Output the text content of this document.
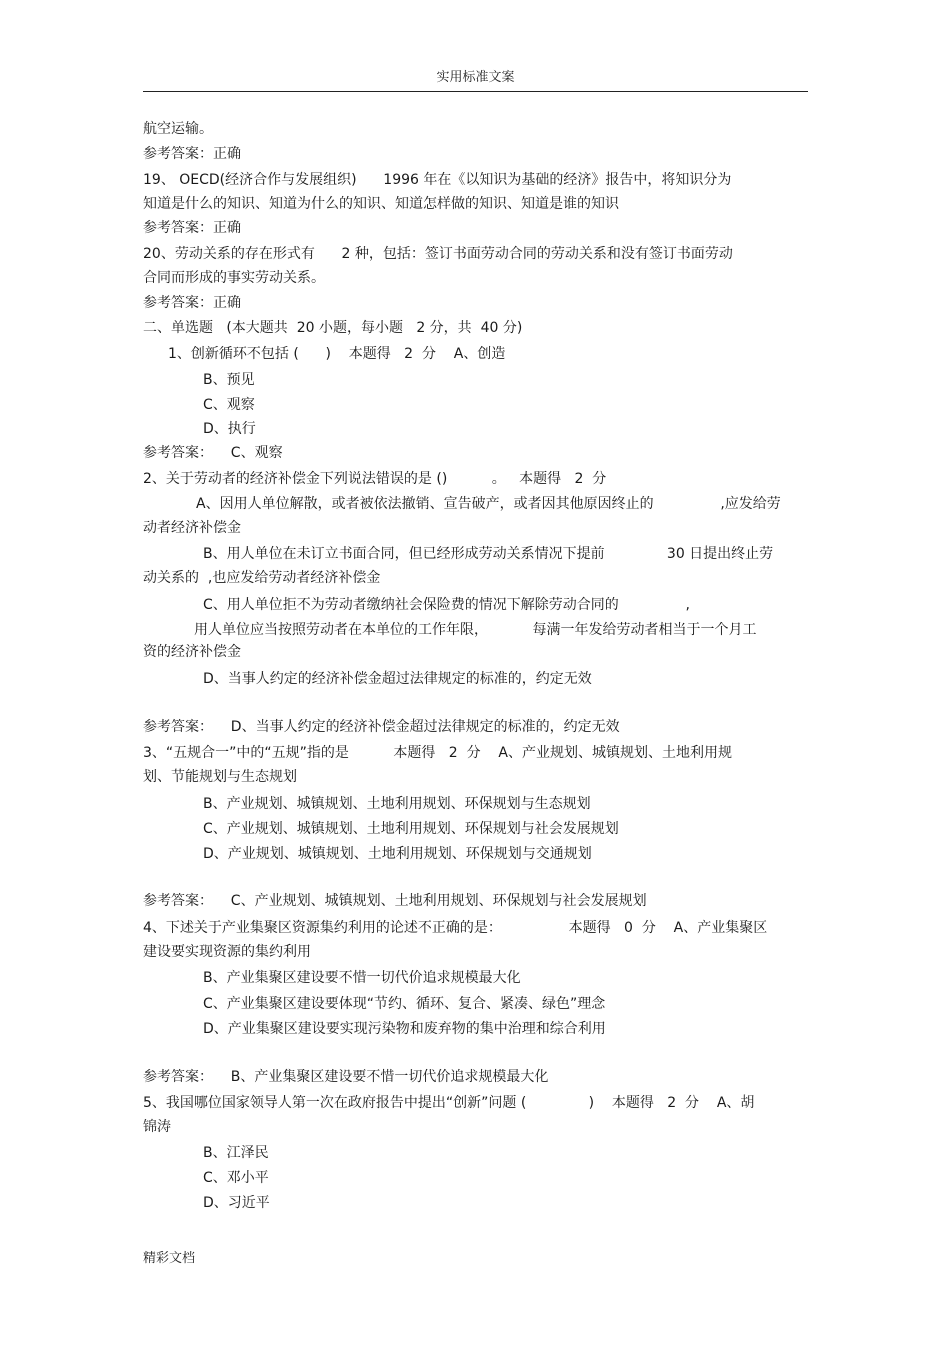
实用标准文案
航空运输。
参考答案：正确
19、 OECD(经济合作与发展组织)      1996 年在《以知识为基础的经济》报告中，将知识分为
知道是什么的知识、知道为什么的知识、知道怎样做的知识、知道是谁的知识
参考答案：正确
20、劳动关系的存在形式有      2 种，包括：签订书面劳动合同的劳动关系和没有签订书面劳动
合同而形成的事实劳动关系。
参考答案：正确
二、单选题   (本大题共  20 小题，每小题   2 分，共  40 分)
1、创新循环不包括 (      )    本题得   2  分    A、创造
B、预见
C、观察
D、执行
参考答案：    C、观察
2、关于劳动者的经济补偿金下列说法错误的是 ()          。   本题得   2  分
A、因用人单位解散，或者被依法撤销、宣告破产，或者因其他原因终止的               ,应发给劳
动者经济补偿金
B、用人单位在未订立书面合同，但已经形成劳动关系情况下提前              30 日提出终止劳
动关系的  ,也应发给劳动者经济补偿金
C、用人单位拒不为劳动者缴纳社会保险费的情况下解除劳动合同的               ,
用人单位应当按照劳动者在本单位的工作年限，          每满一年发给劳动者相当于一个月工
资的经济补偿金
D、当事人约定的经济补偿金超过法律规定的标准的，约定无效
参考答案：    D、当事人约定的经济补偿金超过法律规定的标准的，约定无效
3、“五规合一”中的“五规”指的是          本题得   2  分    A、产业规划、城镇规划、土地利用规
划、节能规划与生态规划
B、产业规划、城镇规划、土地利用规划、环保规划与生态规划
C、产业规划、城镇规划、土地利用规划、环保规划与社会发展规划
D、产业规划、城镇规划、土地利用规划、环保规划与交通规划
参考答案：    C、产业规划、城镇规划、土地利用规划、环保规划与社会发展规划
4、下述关于产业集聚区资源集约利用的论述不正确的是：               本题得   0  分    A、产业集聚区
建设要实现资源的集约利用
B、产业集聚区建设要不惜一切代价追求规模最大化
C、产业集聚区建设要体现“节约、循环、复合、紧凑、绿色”理念
D、产业集聚区建设要实现污染物和废弃物的集中治理和综合利用
参考答案：    B、产业集聚区建设要不惜一切代价追求规模最大化
5、我国哪位国家领导人第一次在政府报告中提出“创新”问题 (              )    本题得   2  分    A、胡
锦涛
B、江泽民
C、邓小平
D、习近平
精彩文档
